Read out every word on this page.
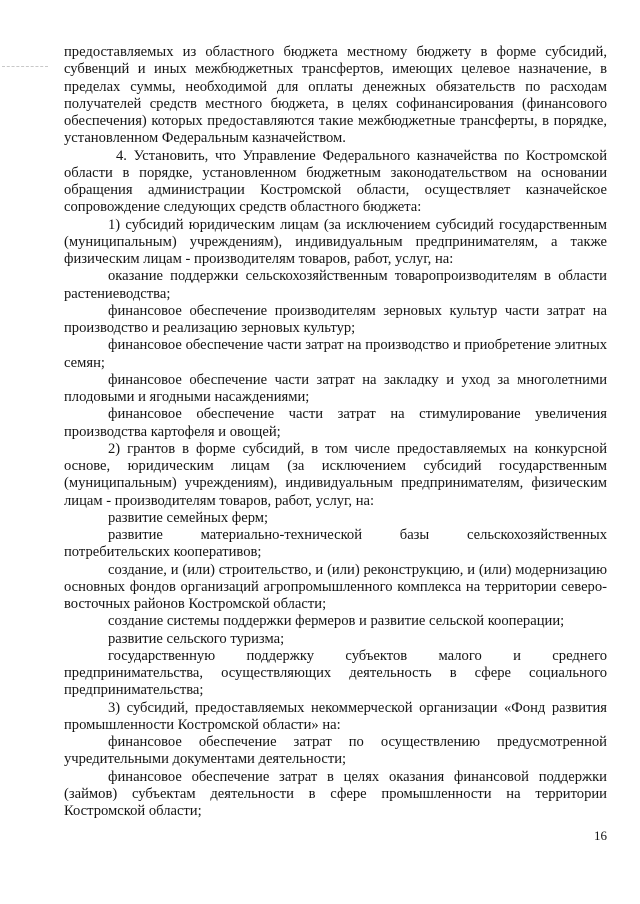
предоставляемых из областного бюджета местному бюджету в форме субсидий, субвенций и иных межбюджетных трансфертов, имеющих целевое назначение, в пределах суммы, необходимой для оплаты денежных обязательств по расходам получателей средств местного бюджета, в целях софинансирования (финансового обеспечения) которых предоставляются такие межбюджетные трансферты, в порядке, установленном Федеральным казначейством.

4. Установить, что Управление Федерального казначейства по Костромской области в порядке, установленном бюджетным законодательством на основании обращения администрации Костромской области, осуществляет казначейское сопровождение следующих средств областного бюджета:

1) субсидий юридическим лицам (за исключением субсидий государственным (муниципальным) учреждениям), индивидуальным предпринимателям, а также физическим лицам - производителям товаров, работ, услуг, на:

оказание поддержки сельскохозяйственным товаропроизводителям в области растениеводства;

финансовое обеспечение производителям зерновых культур части затрат на производство и реализацию зерновых культур;

финансовое обеспечение части затрат на производство и приобретение элитных семян;

финансовое обеспечение части затрат на закладку и уход за многолетними плодовыми и ягодными насаждениями;

финансовое обеспечение части затрат на стимулирование увеличения производства картофеля и овощей;

2) грантов в форме субсидий, в том числе предоставляемых на конкурсной основе, юридическим лицам (за исключением субсидий государственным (муниципальным) учреждениям), индивидуальным предпринимателям, физическим лицам - производителям товаров, работ, услуг, на:

развитие семейных ферм;

развитие материально-технической базы сельскохозяйственных потребительских кооперативов;

создание, и (или) строительство, и (или) реконструкцию, и (или) модернизацию основных фондов организаций агропромышленного комплекса на территории северо-восточных районов Костромской области;

создание системы поддержки фермеров и развитие сельской кооперации;

развитие сельского туризма;

государственную поддержку субъектов малого и среднего предпринимательства, осуществляющих деятельность в сфере социального предпринимательства;

3) субсидий, предоставляемых некоммерческой организации «Фонд развития промышленности Костромской области» на:

финансовое обеспечение затрат по осуществлению предусмотренной учредительными документами деятельности;

финансовое обеспечение затрат в целях оказания финансовой поддержки (займов) субъектам деятельности в сфере промышленности на территории Костромской области;

16
